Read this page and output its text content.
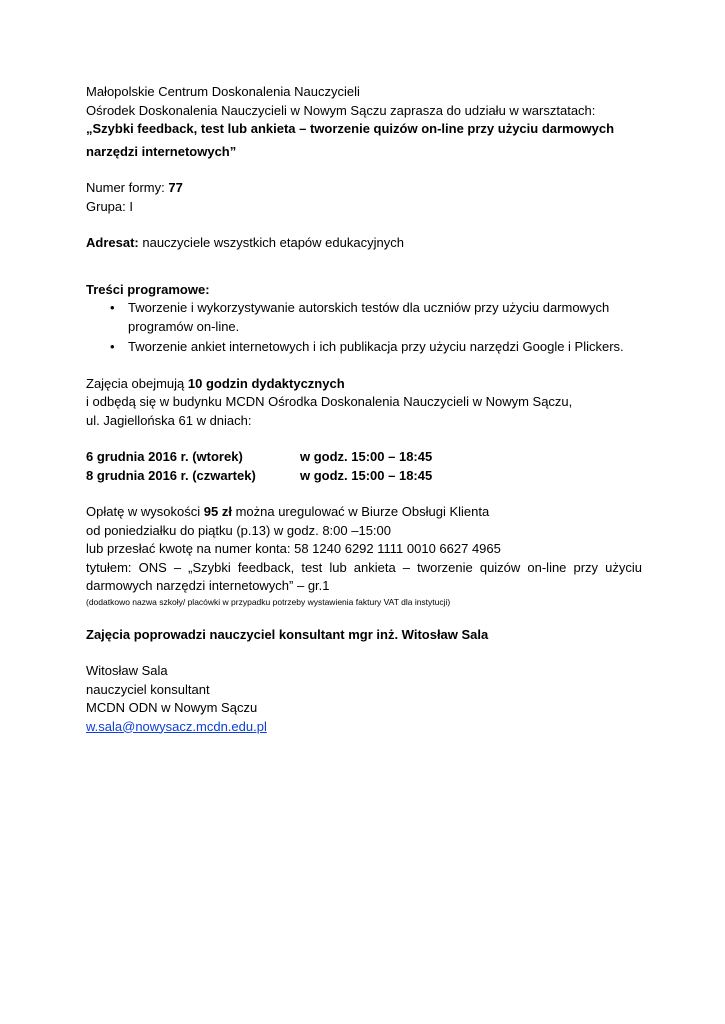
Małopolskie Centrum Doskonalenia Nauczycieli
Ośrodek Doskonalenia Nauczycieli w Nowym Sączu zaprasza do udziału w warsztatach:
„Szybki feedback, test lub ankieta – tworzenie quizów on-line przy użyciu darmowych
narzędzi internetowych”
Numer formy: 77
Grupa: I
Adresat: nauczyciele wszystkich etapów edukacyjnych
Treści programowe:
• Tworzenie i wykorzystywanie autorskich testów dla uczniów przy użyciu darmowych
programów on-line.
• Tworzenie ankiet internetowych i ich publikacja przy użyciu narzędzi Google i Plickers.
Zajęcia obejmują 10 godzin dydaktycznych
i odbędą się w budynku MCDN Ośrodka Doskonalenia Nauczycieli w Nowym Sączu,
ul. Jagiellońska 61 w dniach:
6 grudnia 2016 r. (wtorek)	w godz. 15:00 – 18:45
8 grudnia 2016 r. (czwartek)	w godz. 15:00 – 18:45
Opłatę w wysokości 95 zł można uregulować w Biurze Obsługi Klienta
od poniedziałku do piątku (p.13) w godz. 8:00 –15:00
lub przesłać kwotę na numer konta: 58 1240 6292 1111 0010 6627 4965
tytułem: ONS – „Szybki feedback, test lub ankieta – tworzenie quizów on-line przy użyciu
darmowych narzędzi internetowych” – gr.1
(dodatkowo nazwa szkoły/ placówki w przypadku potrzeby wystawienia faktury VAT dla instytucji)
Zajęcia poprowadzi nauczyciel konsultant mgr inż. Witosław Sala
Witosław Sala
nauczyciel konsultant
MCDN ODN w Nowym Sączu
w.sala@nowysacz.mcdn.edu.pl
